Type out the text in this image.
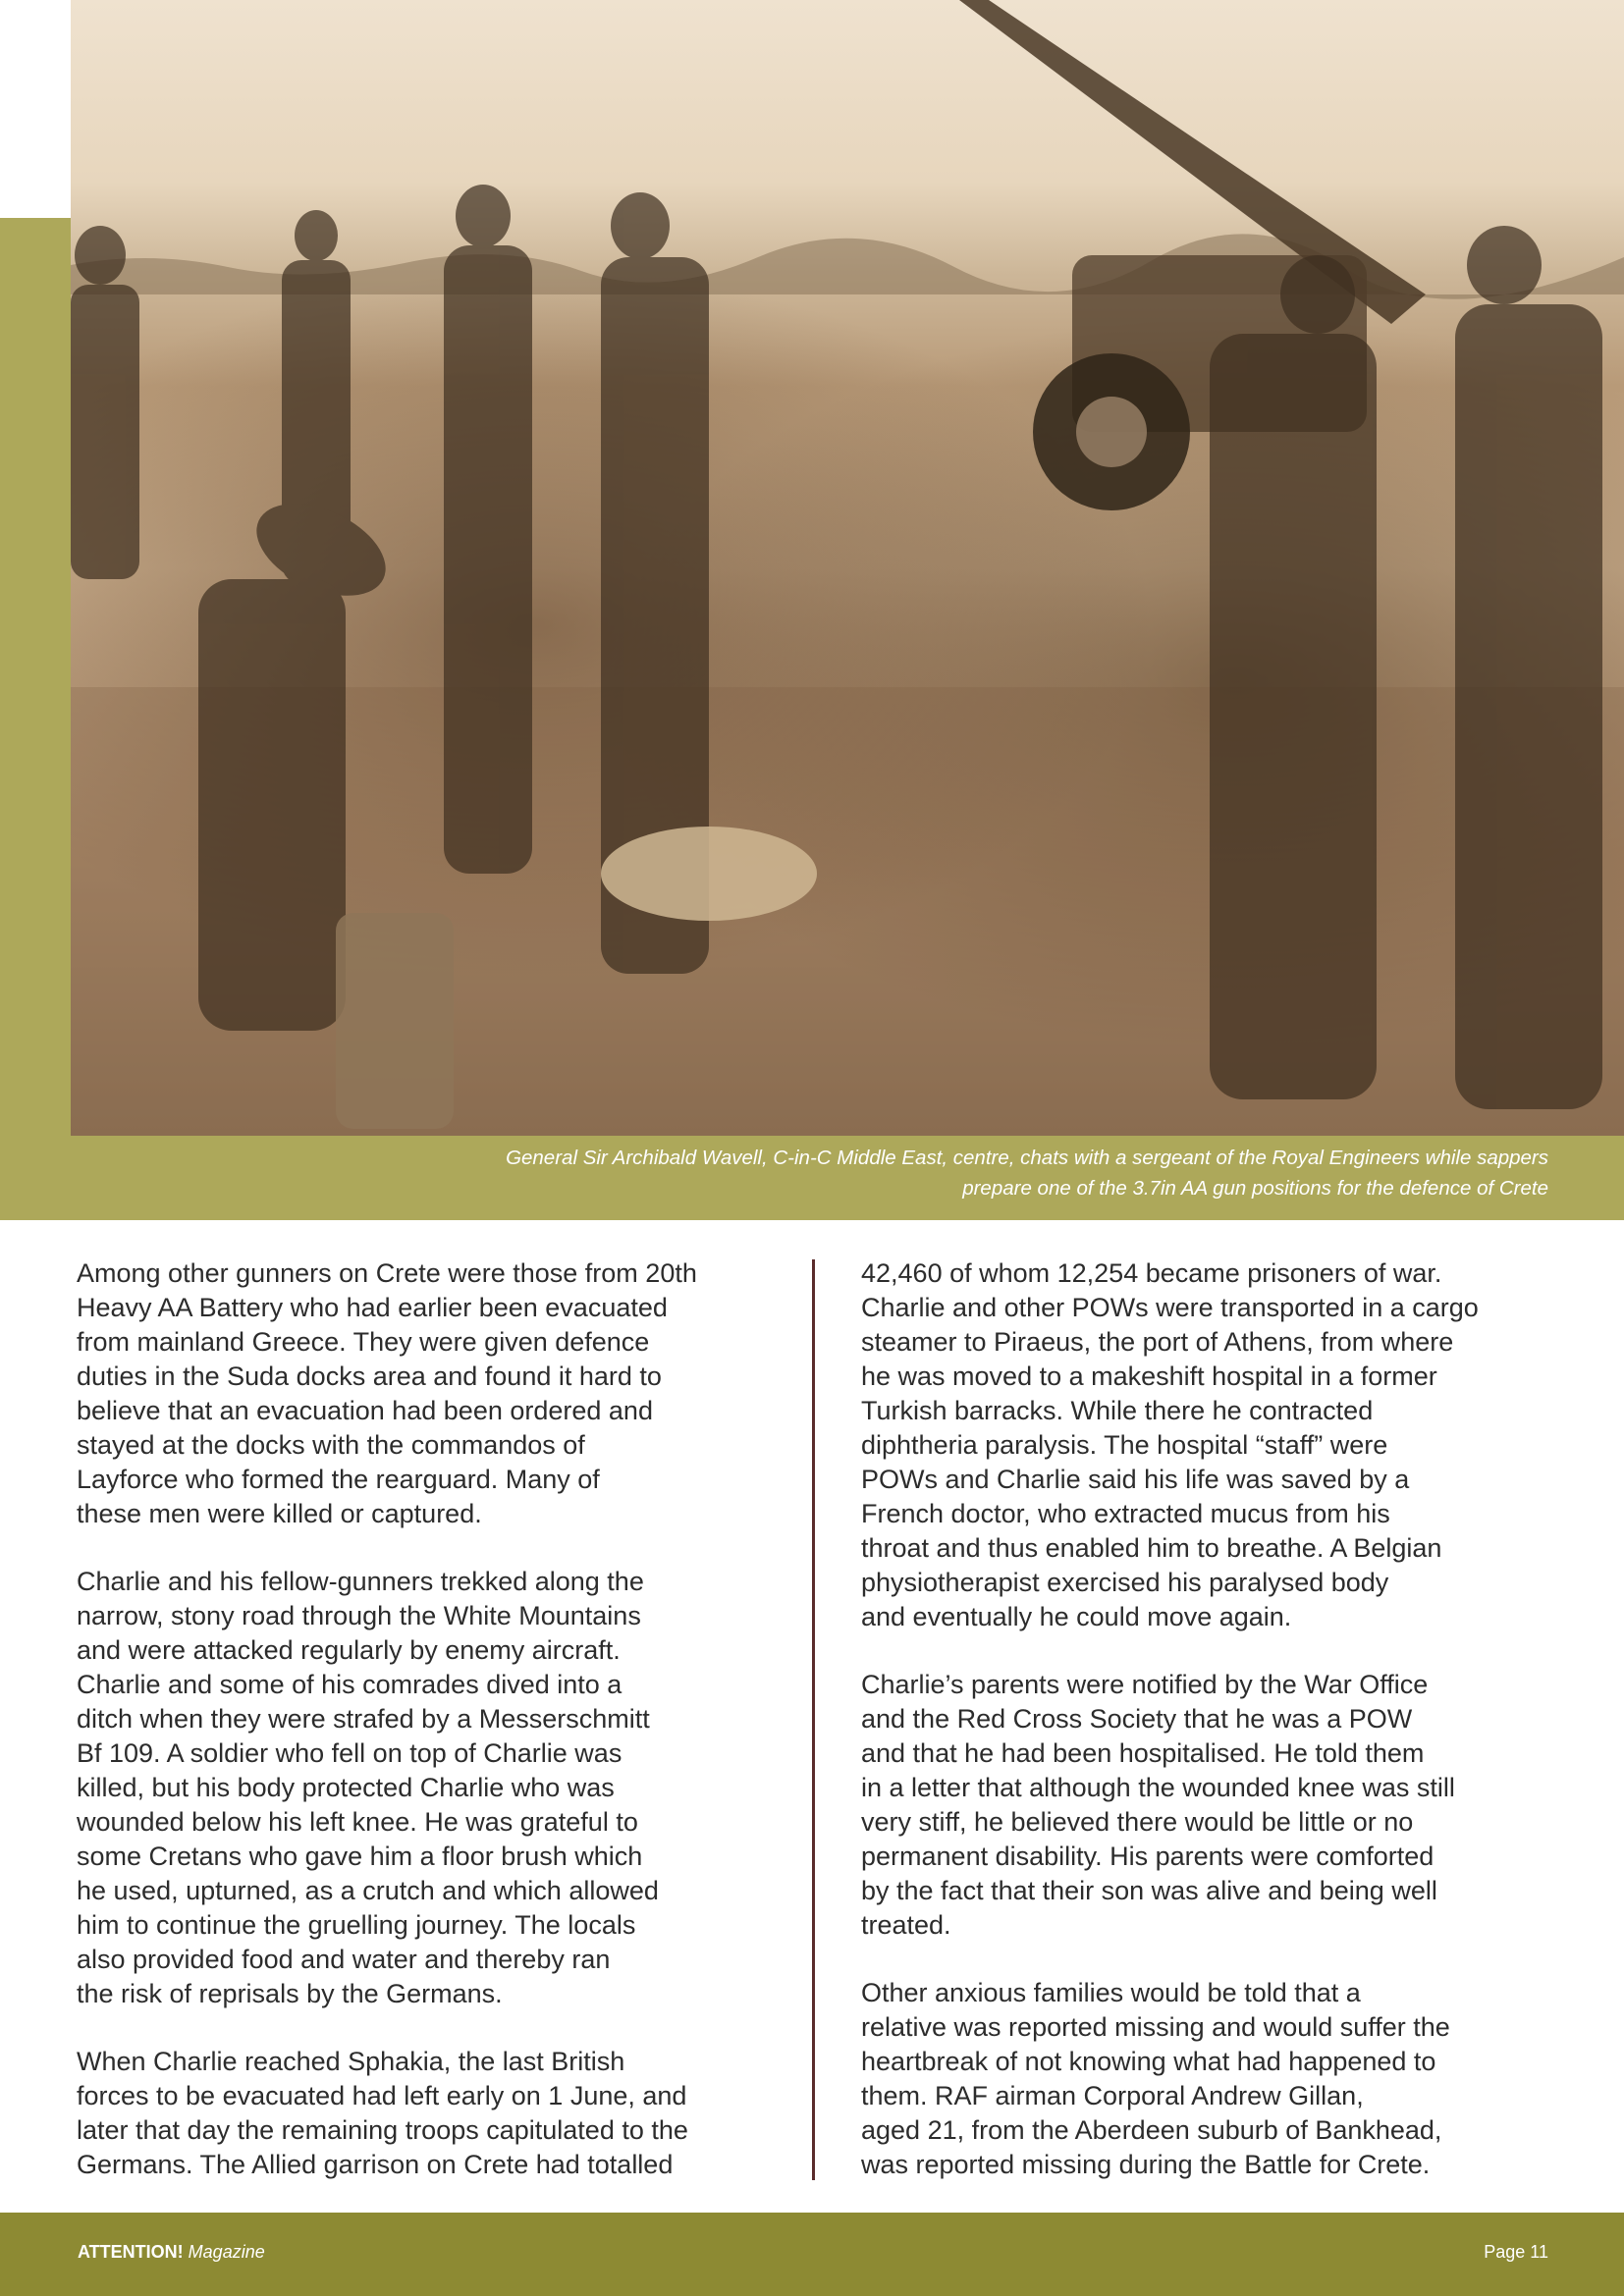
General Sir Archibald Wavell, C-in-C Middle East, centre, chats with a sergeant of the Royal Engineers while sappers
prepare one of the 3.7in AA gun positions for the defence of Crete

Among other gunners on Crete were those from 20th
Heavy AA Battery who had earlier been evacuated
from mainland Greece. They were given defence
duties in the Suda docks area and found it hard to
believe that an evacuation had been ordered and
stayed at the docks with the commandos of
Layforce who formed the rearguard. Many of
these men were killed or captured.

Charlie and his fellow-gunners trekked along the
narrow, stony road through the White Mountains
and were attacked regularly by enemy aircraft.
Charlie and some of his comrades dived into a
ditch when they were strafed by a Messerschmitt
Bf 109. A soldier who fell on top of Charlie was
killed, but his body protected Charlie who was
wounded below his left knee. He was grateful to
some Cretans who gave him a floor brush which
he used, upturned, as a crutch and which allowed
him to continue the gruelling journey. The locals
also provided food and water and thereby ran
the risk of reprisals by the Germans.

When Charlie reached Sphakia, the last British
forces to be evacuated had left early on 1 June, and
later that day the remaining troops capitulated to the
Germans. The Allied garrison on Crete had totalled

42,460 of whom 12,254 became prisoners of war.
Charlie and other POWs were transported in a cargo
steamer to Piraeus, the port of Athens, from where
he was moved to a makeshift hospital in a former
Turkish barracks. While there he contracted
diphtheria paralysis. The hospital “staff” were
POWs and Charlie said his life was saved by a
French doctor, who extracted mucus from his
throat and thus enabled him to breathe. A Belgian
physiotherapist exercised his paralysed body
and eventually he could move again.

Charlie’s parents were notified by the War Office
and the Red Cross Society that he was a POW
and that he had been hospitalised. He told them
in a letter that although the wounded knee was still
very stiff, he believed there would be little or no
permanent disability. His parents were comforted
by the fact that their son was alive and being well
treated.

Other anxious families would be told that a
relative was reported missing and would suffer the
heartbreak of not knowing what had happened to
them. RAF airman Corporal Andrew Gillan,
aged 21, from the Aberdeen suburb of Bankhead,
was reported missing during the Battle for Crete.

ATTENTION! Magazine	Page 11
